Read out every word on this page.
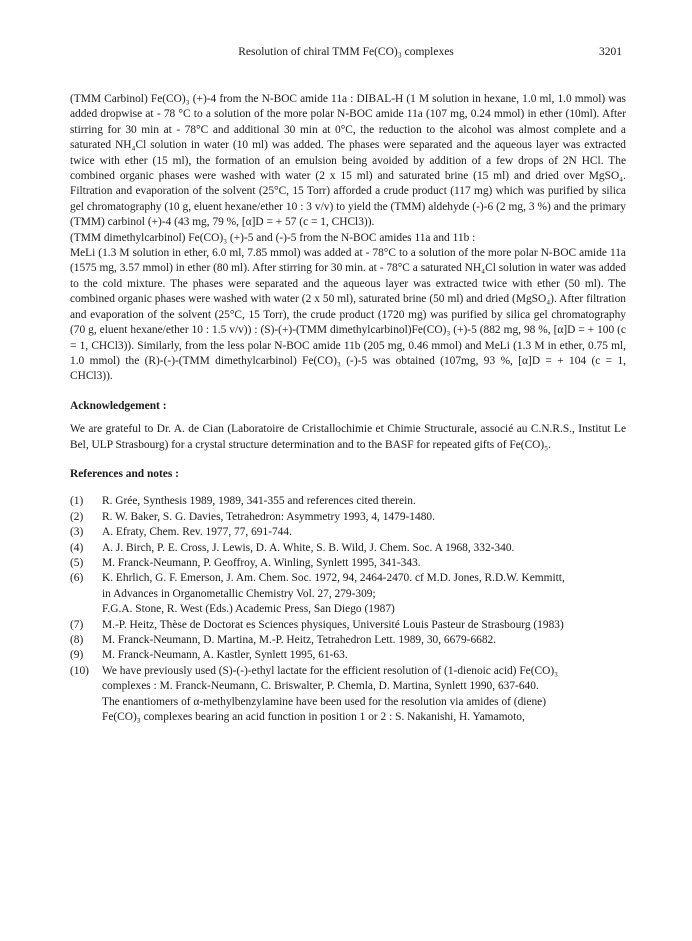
Resolution of chiral TMM Fe(CO)₃ complexes	3201

(TMM Carbinol) Fe(CO)₃ (+)-4 from the N-BOC amide 11a : DIBAL-H (1 M solution in hexane, 1.0 ml, 1.0 mmol) was added dropwise at - 78 °C to a solution of the more polar N-BOC amide 11a (107 mg, 0.24 mmol) in ether (10ml). After stirring for 30 min at - 78°C and additional 30 min at 0°C, the reduction to the alcohol was almost complete and a saturated NH₄Cl solution in water (10 ml) was added. The phases were separated and the aqueous layer was extracted twice with ether (15 ml), the formation of an emulsion being avoided by addition of a few drops of 2N HCl. The combined organic phases were washed with water (2 x 15 ml) and saturated brine (15 ml) and dried over MgSO₄. Filtration and evaporation of the solvent (25°C, 15 Torr) afforded a crude product (117 mg) which was purified by silica gel chromatography (10 g, eluent hexane/ether 10 : 3 v/v) to yield the (TMM) aldehyde (-)-6 (2 mg, 3 %) and the primary (TMM) carbinol (+)-4 (43 mg, 79 %, [α]D = + 57 (c = 1, CHCl3)).

(TMM dimethylcarbinol) Fe(CO)₃ (+)-5 and (-)-5 from the N-BOC amides 11a and 11b :

MeLi (1.3 M solution in ether, 6.0 ml, 7.85 mmol) was added at - 78°C to a solution of the more polar N-BOC amide 11a (1575 mg, 3.57 mmol) in ether (80 ml). After stirring for 30 min. at - 78°C a saturated NH₄Cl solution in water was added to the cold mixture. The phases were separated and the aqueous layer was extracted twice with ether (50 ml). The combined organic phases were washed with water (2 x 50 ml), saturated brine (50 ml) and dried (MgSO₄). After filtration and evaporation of the solvent (25°C, 15 Torr), the crude product (1720 mg) was purified by silica gel chromatography (70 g, eluent hexane/ether 10 : 1.5 v/v)) : (S)-(+)-(TMM dimethylcarbinol)Fe(CO)₃ (+)-5 (882 mg, 98 %, [α]D = + 100 (c = 1, CHCl3)). Similarly, from the less polar N-BOC amide 11b (205 mg, 0.46 mmol) and MeLi (1.3 M in ether, 0.75 ml, 1.0 mmol) the (R)-(-)-(TMM dimethylcarbinol) Fe(CO)₃ (-)-5 was obtained (107mg, 93 %, [α]D = + 104 (c = 1, CHCl3)).

Acknowledgement :

We are grateful to Dr. A. de Cian (Laboratoire de Cristallochimie et Chimie Structurale, associé au C.N.R.S., Institut Le Bel, ULP Strasbourg) for a crystal structure determination and to the BASF for repeated gifts of Fe(CO)₅.

References and notes :

(1)	R. Grée, Synthesis 1989, 1989, 341-355 and references cited therein.
(2)	R. W. Baker, S. G. Davies, Tetrahedron: Asymmetry 1993, 4, 1479-1480.
(3)	A. Efraty, Chem. Rev. 1977, 77, 691-744.
(4)	A. J. Birch, P. E. Cross, J. Lewis, D. A. White, S. B. Wild, J. Chem. Soc. A 1968, 332-340.
(5)	M. Franck-Neumann, P. Geoffroy, A. Winling, Synlett 1995, 341-343.
(6)	K. Ehrlich, G. F. Emerson, J. Am. Chem. Soc. 1972, 94, 2464-2470. cf M.D. Jones, R.D.W. Kemmitt,
in Advances in Organometallic Chemistry Vol. 27, 279-309;
F.G.A. Stone, R. West (Eds.) Academic Press, San Diego (1987)
(7)	M.-P. Heitz, Thèse de Doctorat es Sciences physiques, Université Louis Pasteur de Strasbourg (1983)
(8)	M. Franck-Neumann, D. Martina, M.-P. Heitz, Tetrahedron Lett. 1989, 30, 6679-6682.
(9)	M. Franck-Neumann, A. Kastler, Synlett 1995, 61-63.
(10)	We have previously used (S)-(-)-ethyl lactate for the efficient resolution of (1-dienoic acid) Fe(CO)₃
complexes : M. Franck-Neumann, C. Briswalter, P. Chemla, D. Martina, Synlett 1990, 637-640.
The enantiomers of α-methylbenzylamine have been used for the resolution via amides of (diene)
Fe(CO)₃ complexes bearing an acid function in position 1 or 2 : S. Nakanishi, H. Yamamoto,
